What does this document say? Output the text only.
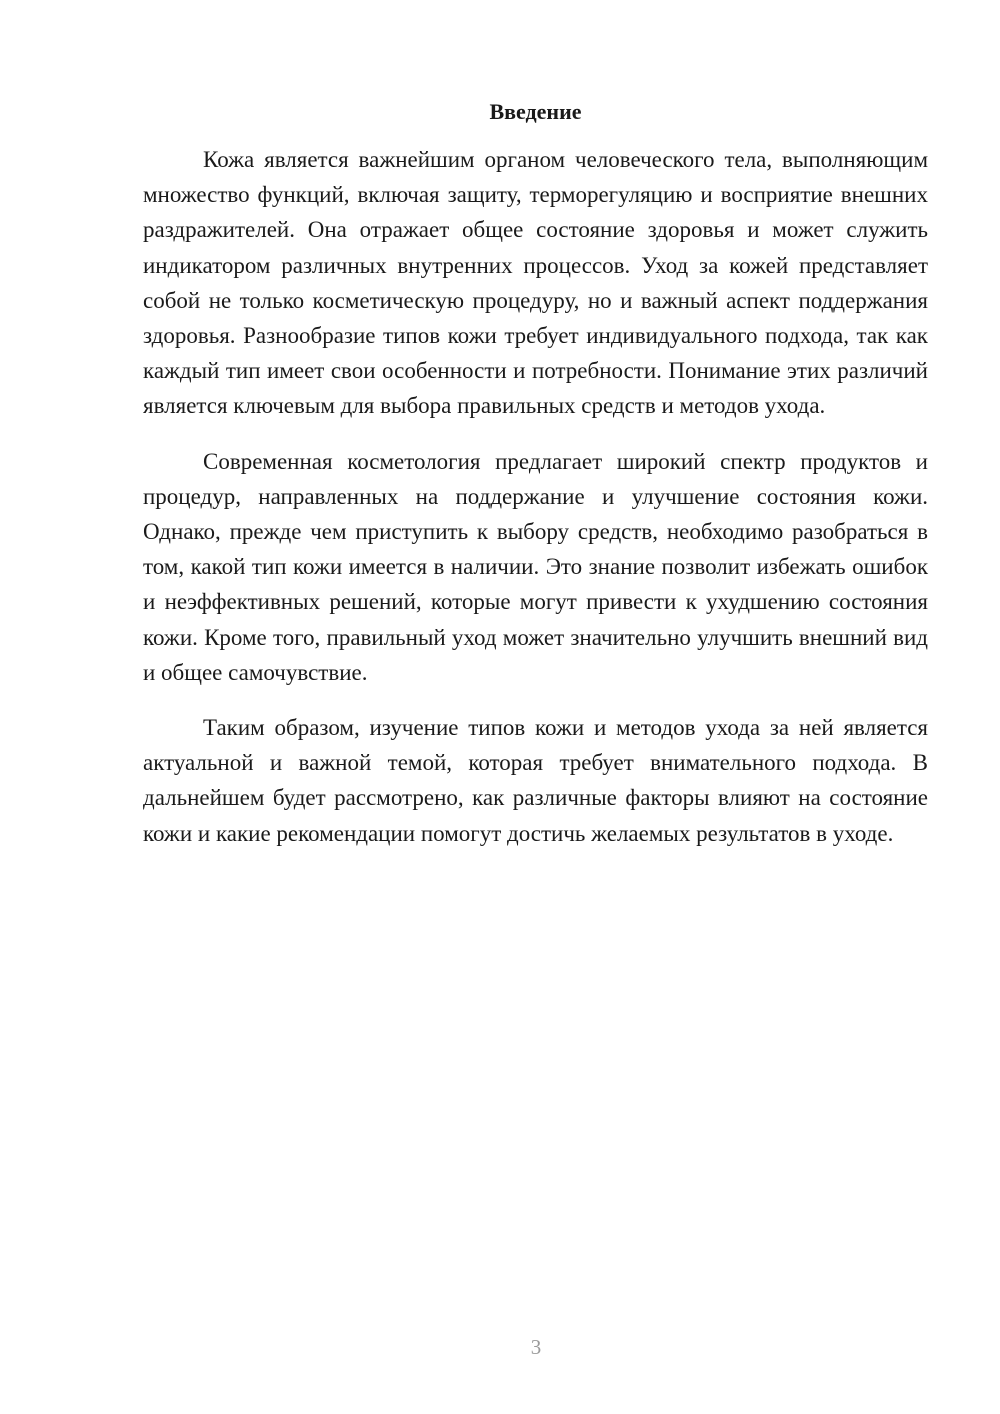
Введение

Кожа является важнейшим органом человеческого тела, выполняющим множество функций, включая защиту, терморегуляцию и восприятие внешних раздражителей. Она отражает общее состояние здоровья и может служить индикатором различных внутренних процессов. Уход за кожей представляет собой не только косметическую процедуру, но и важный аспект поддержания здоровья. Разнообразие типов кожи требует индивидуального подхода, так как каждый тип имеет свои особенности и потребности. Понимание этих различий является ключевым для выбора правильных средств и методов ухода.

Современная косметология предлагает широкий спектр продуктов и процедур, направленных на поддержание и улучшение состояния кожи. Однако, прежде чем приступить к выбору средств, необходимо разобраться в том, какой тип кожи имеется в наличии. Это знание позволит избежать ошибок и неэффективных решений, которые могут привести к ухудшению состояния кожи. Кроме того, правильный уход может значительно улучшить внешний вид и общее самочувствие.

Таким образом, изучение типов кожи и методов ухода за ней является актуальной и важной темой, которая требует внимательного подхода. В дальнейшем будет рассмотрено, как различные факторы влияют на состояние кожи и какие рекомендации помогут достичь желаемых результатов в уходе.

3
